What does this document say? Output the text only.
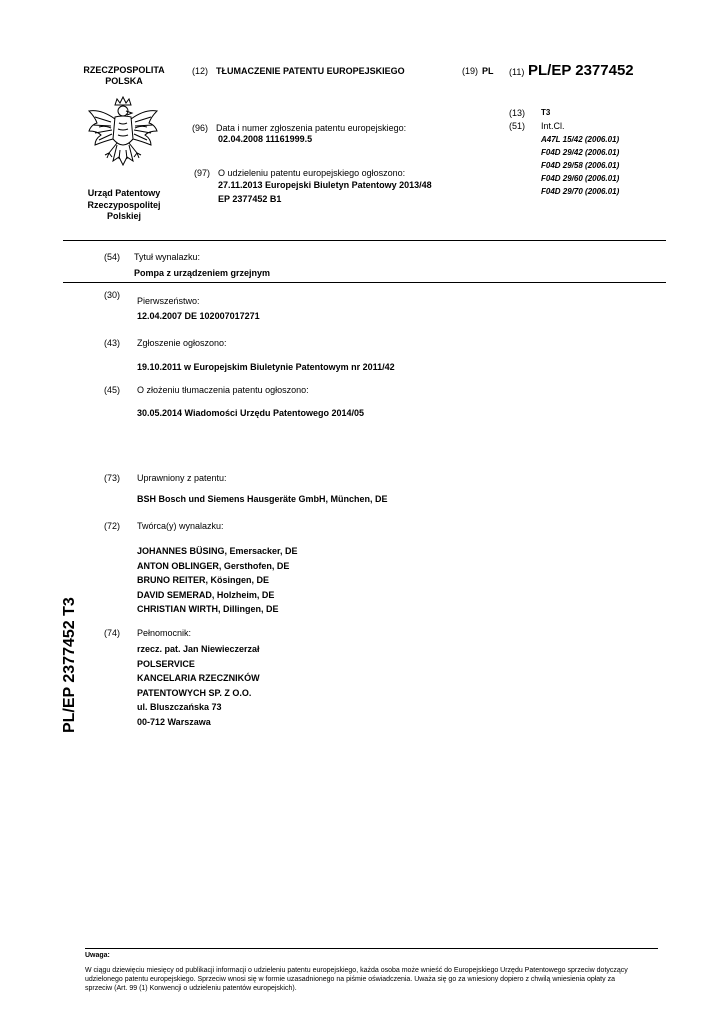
RZECZPOSPOLITA
POLSKA
Urząd Patentowy
Rzeczypospolitej
Polskiej
(12) TŁUMACZENIE PATENTU EUROPEJSKIEGO	(19) PL (11) PL/EP 2377452
(96) Data i numer zgłoszenia patentu europejskiego:
02.04.2008 11161999.5
(97) O udzieleniu patentu europejskiego ogłoszono:
27.11.2013 Europejski Biuletyn Patentowy 2013/48
EP 2377452 B1
(13) T3
(51) Int.Cl.
A47L 15/42 (2006.01)
F04D 29/42 (2006.01)
F04D 29/58 (2006.01)
F04D 29/60 (2006.01)
F04D 29/70 (2006.01)
(54) Tytuł wynalazku:
Pompa z urządzeniem grzejnym
(30)
Pierwszeństwo:
12.04.2007 DE 102007017271
(43) Zgłoszenie ogłoszono:
19.10.2011 w Europejskim Biuletynie Patentowym nr 2011/42
(45) O złożeniu tłumaczenia patentu ogłoszono:
30.05.2014 Wiadomości Urzędu Patentowego 2014/05
(73) Uprawniony z patentu:
BSH Bosch und Siemens Hausgeräte GmbH, München, DE
(72) Twórca(y) wynalazku:
JOHANNES BÜSING, Emersacker, DE
ANTON OBLINGER, Gersthofen, DE
BRUNO REITER, Kösingen, DE
DAVID SEMERAD, Holzheim, DE
CHRISTIAN WIRTH, Dillingen, DE
(74) Pełnomocnik:
rzecz. pat. Jan Niewieczerzał
POLSERVICE
KANCELARIA RZECZNIKÓW
PATENTOWYCH SP. Z O.O.
ul. Bluszczańska 73
00-712 Warszawa
PL/EP 2377452 T3
Uwaga:
W ciągu dziewięciu miesięcy od publikacji informacji o udzieleniu patentu europejskiego, każda osoba może wnieść do Europejskiego Urzędu Patentowego sprzeciw dotyczący
udzielonego patentu europejskiego. Sprzeciw wnosi się w formie uzasadnionego na piśmie oświadczenia. Uważa się go za wniesiony dopiero z chwilą wniesienia opłaty za
sprzeciw (Art. 99 (1) Konwencji o udzieleniu patentów europejskich).
